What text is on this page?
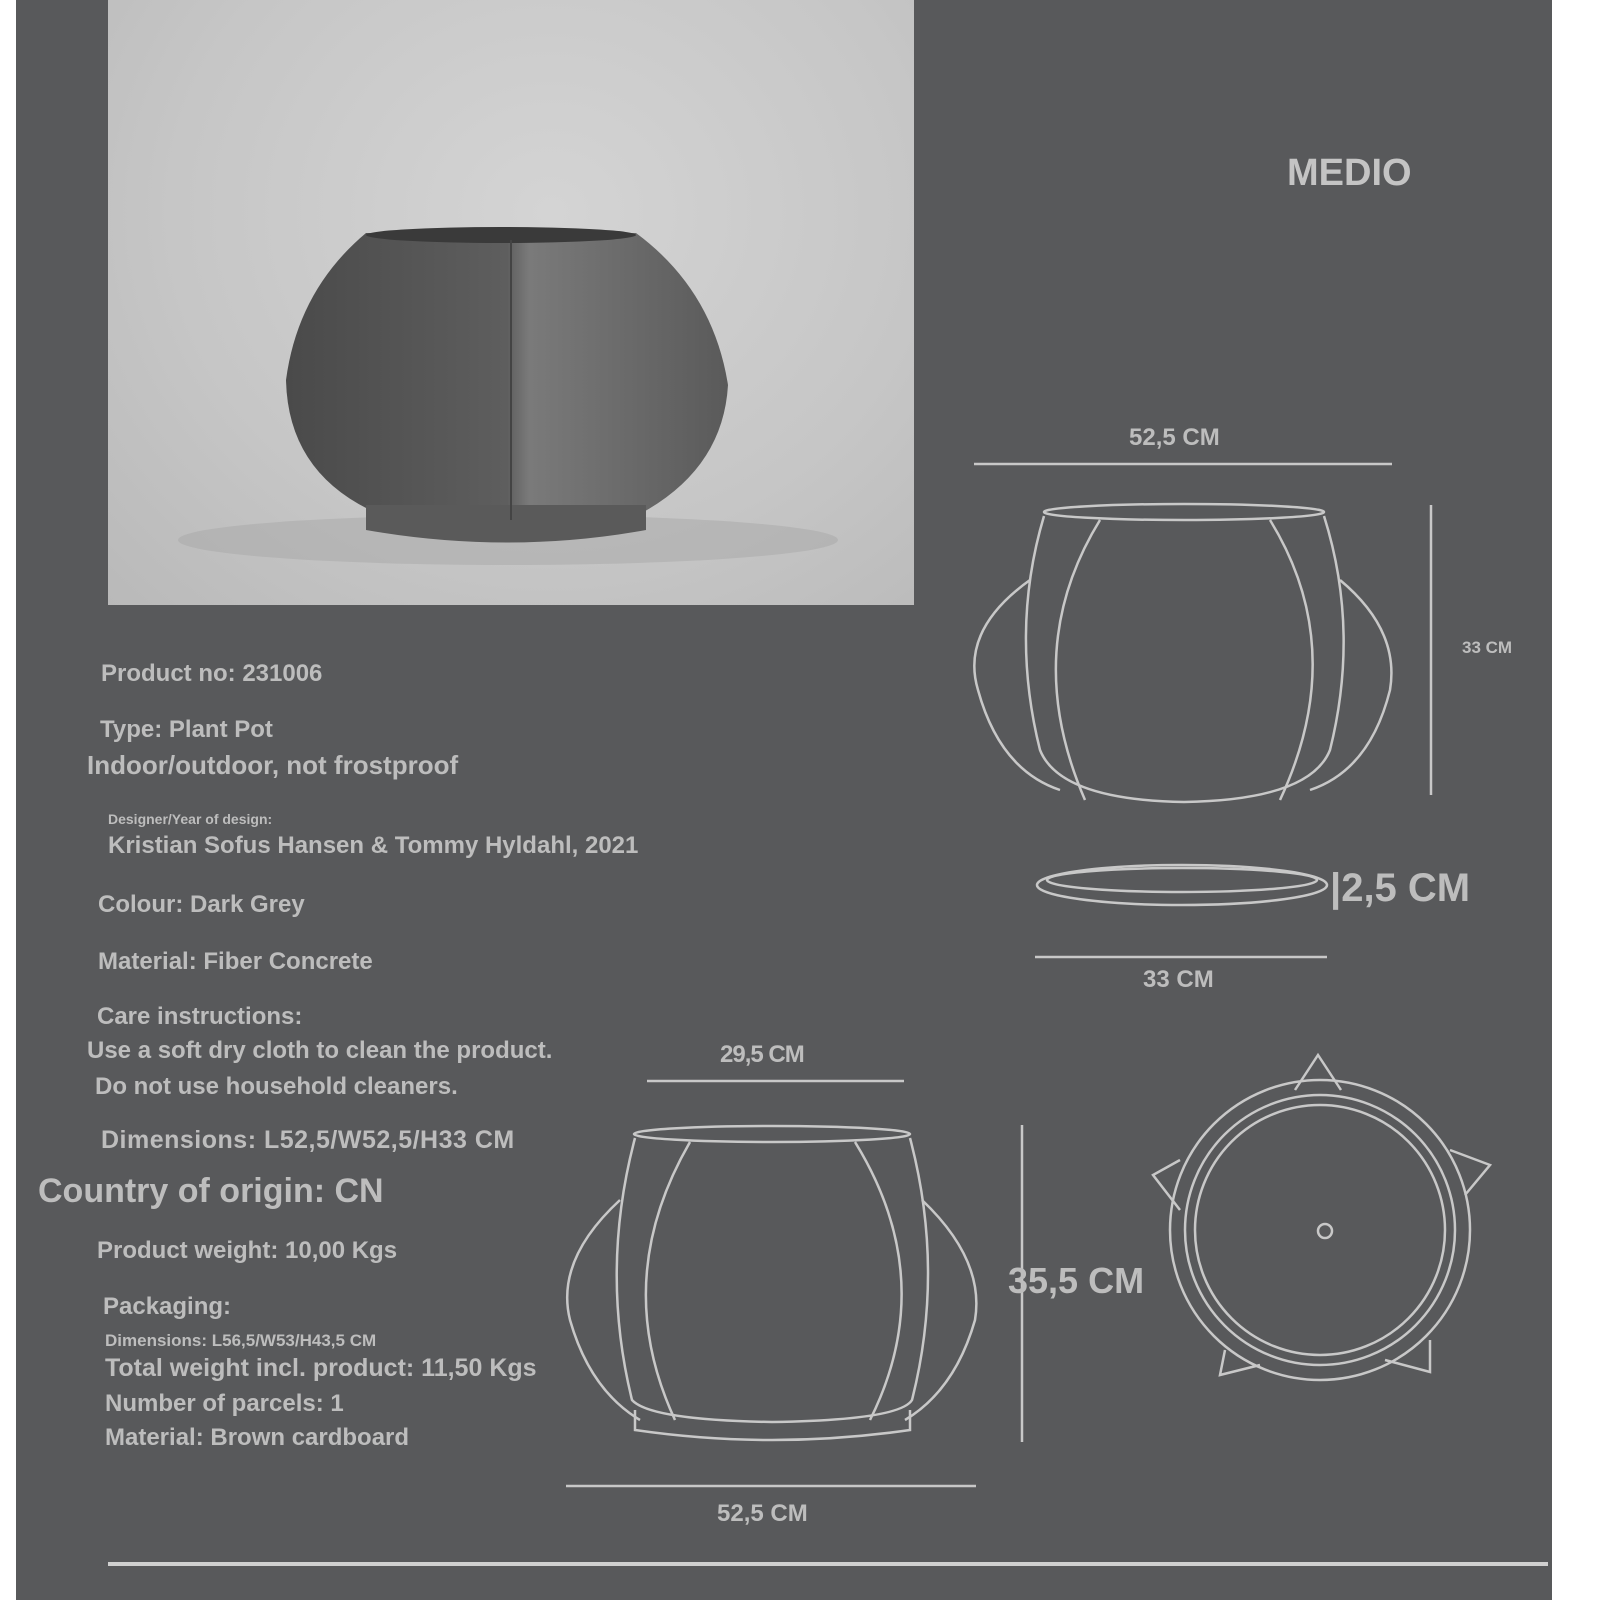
MEDIO
Product no: 231006
Type: Plant Pot
Indoor/outdoor, not frostproof
Designer/Year of design:
Kristian Sofus Hansen & Tommy Hyldahl, 2021
Colour: Dark Grey
Material: Fiber Concrete
Care instructions:
Use a soft dry cloth to clean the product.
Do not use household cleaners.
Dimensions: L52,5/W52,5/H33 CM
Country of origin: CN
Product weight: 10,00 Kgs
Packaging:
Dimensions: L56,5/W53/H43,5 CM
Total weight incl. product: 11,50 Kgs
Number of parcels: 1
Material: Brown cardboard
52,5 CM
33 CM
|2,5 CM
33 CM
29,5 CM
35,5 CM
52,5 CM
